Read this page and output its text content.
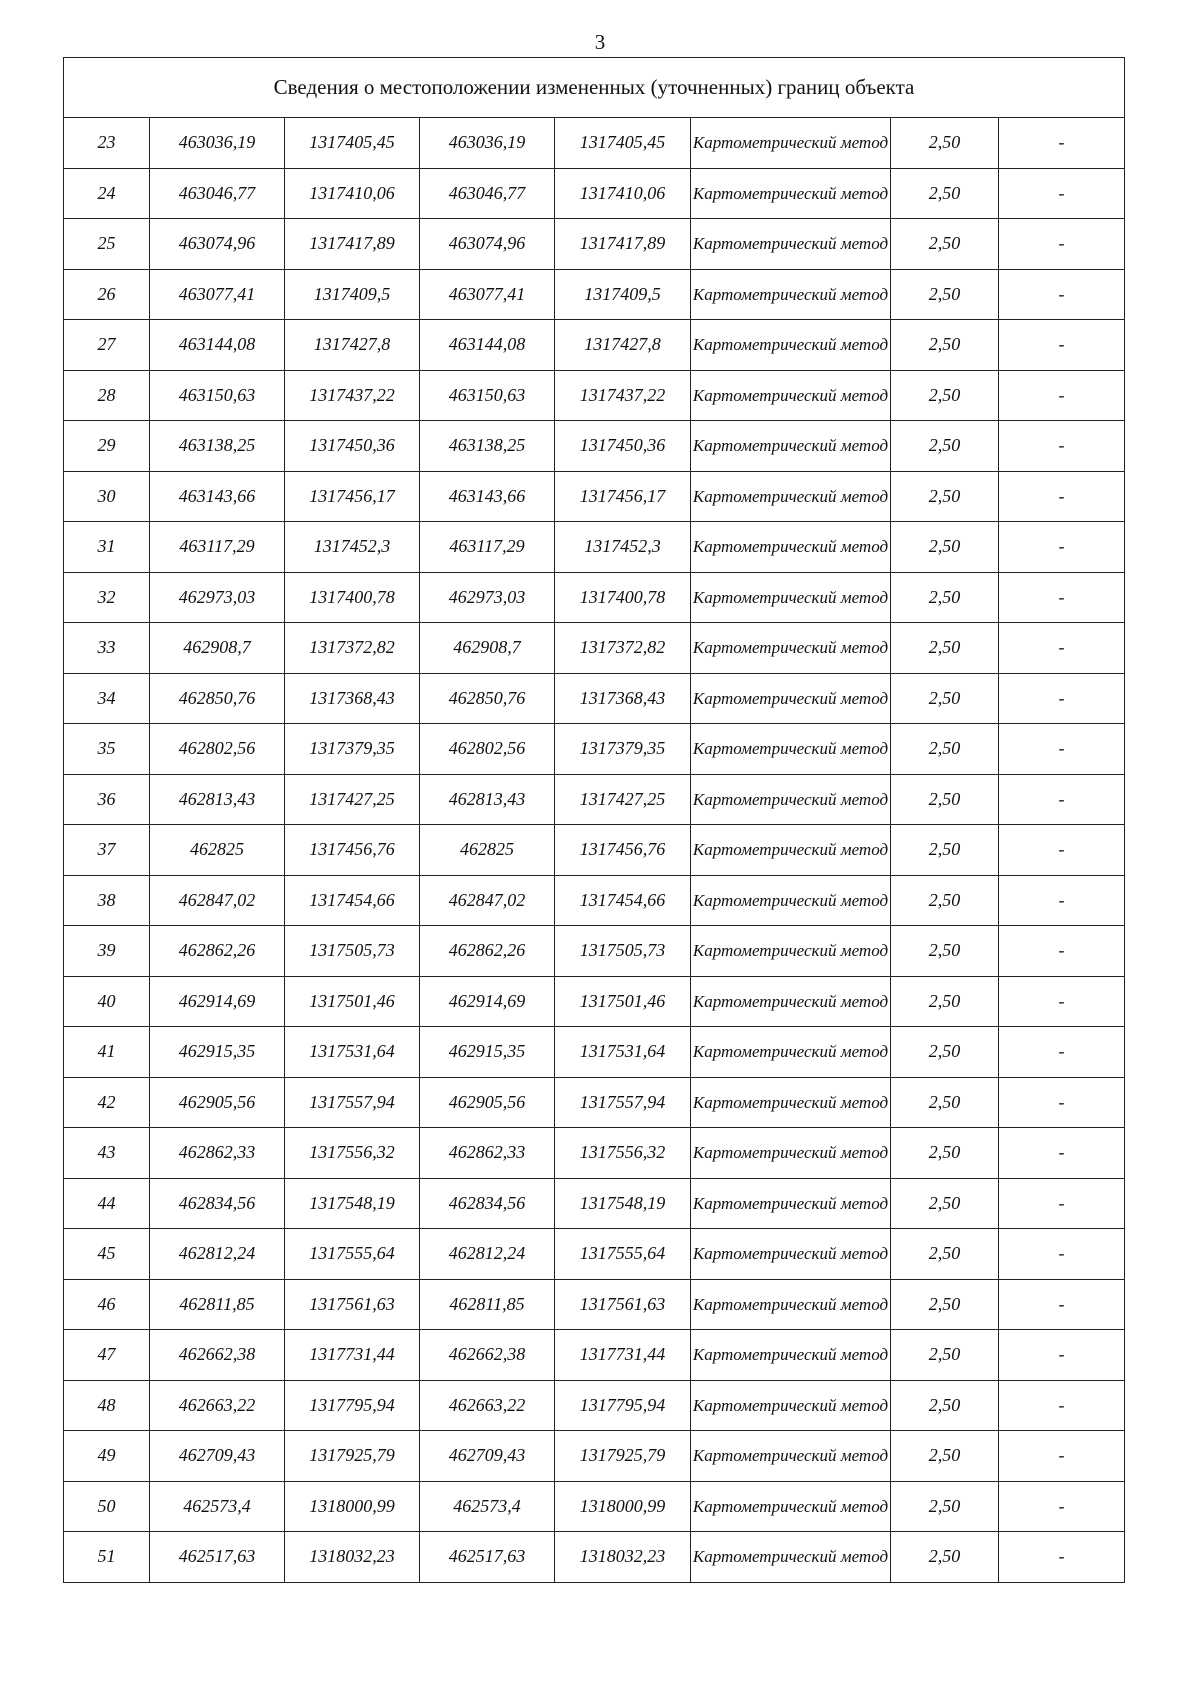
3
Сведения о местоположении измененных (уточненных) границ объекта							
23	463036,19	1317405,45	463036,19	1317405,45	Картометрический метод	2,50	-
24	463046,77	1317410,06	463046,77	1317410,06	Картометрический метод	2,50	-
25	463074,96	1317417,89	463074,96	1317417,89	Картометрический метод	2,50	-
26	463077,41	1317409,5	463077,41	1317409,5	Картометрический метод	2,50	-
27	463144,08	1317427,8	463144,08	1317427,8	Картометрический метод	2,50	-
28	463150,63	1317437,22	463150,63	1317437,22	Картометрический метод	2,50	-
29	463138,25	1317450,36	463138,25	1317450,36	Картометрический метод	2,50	-
30	463143,66	1317456,17	463143,66	1317456,17	Картометрический метод	2,50	-
31	463117,29	1317452,3	463117,29	1317452,3	Картометрический метод	2,50	-
32	462973,03	1317400,78	462973,03	1317400,78	Картометрический метод	2,50	-
33	462908,7	1317372,82	462908,7	1317372,82	Картометрический метод	2,50	-
34	462850,76	1317368,43	462850,76	1317368,43	Картометрический метод	2,50	-
35	462802,56	1317379,35	462802,56	1317379,35	Картометрический метод	2,50	-
36	462813,43	1317427,25	462813,43	1317427,25	Картометрический метод	2,50	-
37	462825	1317456,76	462825	1317456,76	Картометрический метод	2,50	-
38	462847,02	1317454,66	462847,02	1317454,66	Картометрический метод	2,50	-
39	462862,26	1317505,73	462862,26	1317505,73	Картометрический метод	2,50	-
40	462914,69	1317501,46	462914,69	1317501,46	Картометрический метод	2,50	-
41	462915,35	1317531,64	462915,35	1317531,64	Картометрический метод	2,50	-
42	462905,56	1317557,94	462905,56	1317557,94	Картометрический метод	2,50	-
43	462862,33	1317556,32	462862,33	1317556,32	Картометрический метод	2,50	-
44	462834,56	1317548,19	462834,56	1317548,19	Картометрический метод	2,50	-
45	462812,24	1317555,64	462812,24	1317555,64	Картометрический метод	2,50	-
46	462811,85	1317561,63	462811,85	1317561,63	Картометрический метод	2,50	-
47	462662,38	1317731,44	462662,38	1317731,44	Картометрический метод	2,50	-
48	462663,22	1317795,94	462663,22	1317795,94	Картометрический метод	2,50	-
49	462709,43	1317925,79	462709,43	1317925,79	Картометрический метод	2,50	-
50	462573,4	1318000,99	462573,4	1318000,99	Картометрический метод	2,50	-
51	462517,63	1318032,23	462517,63	1318032,23	Картометрический метод	2,50	-
